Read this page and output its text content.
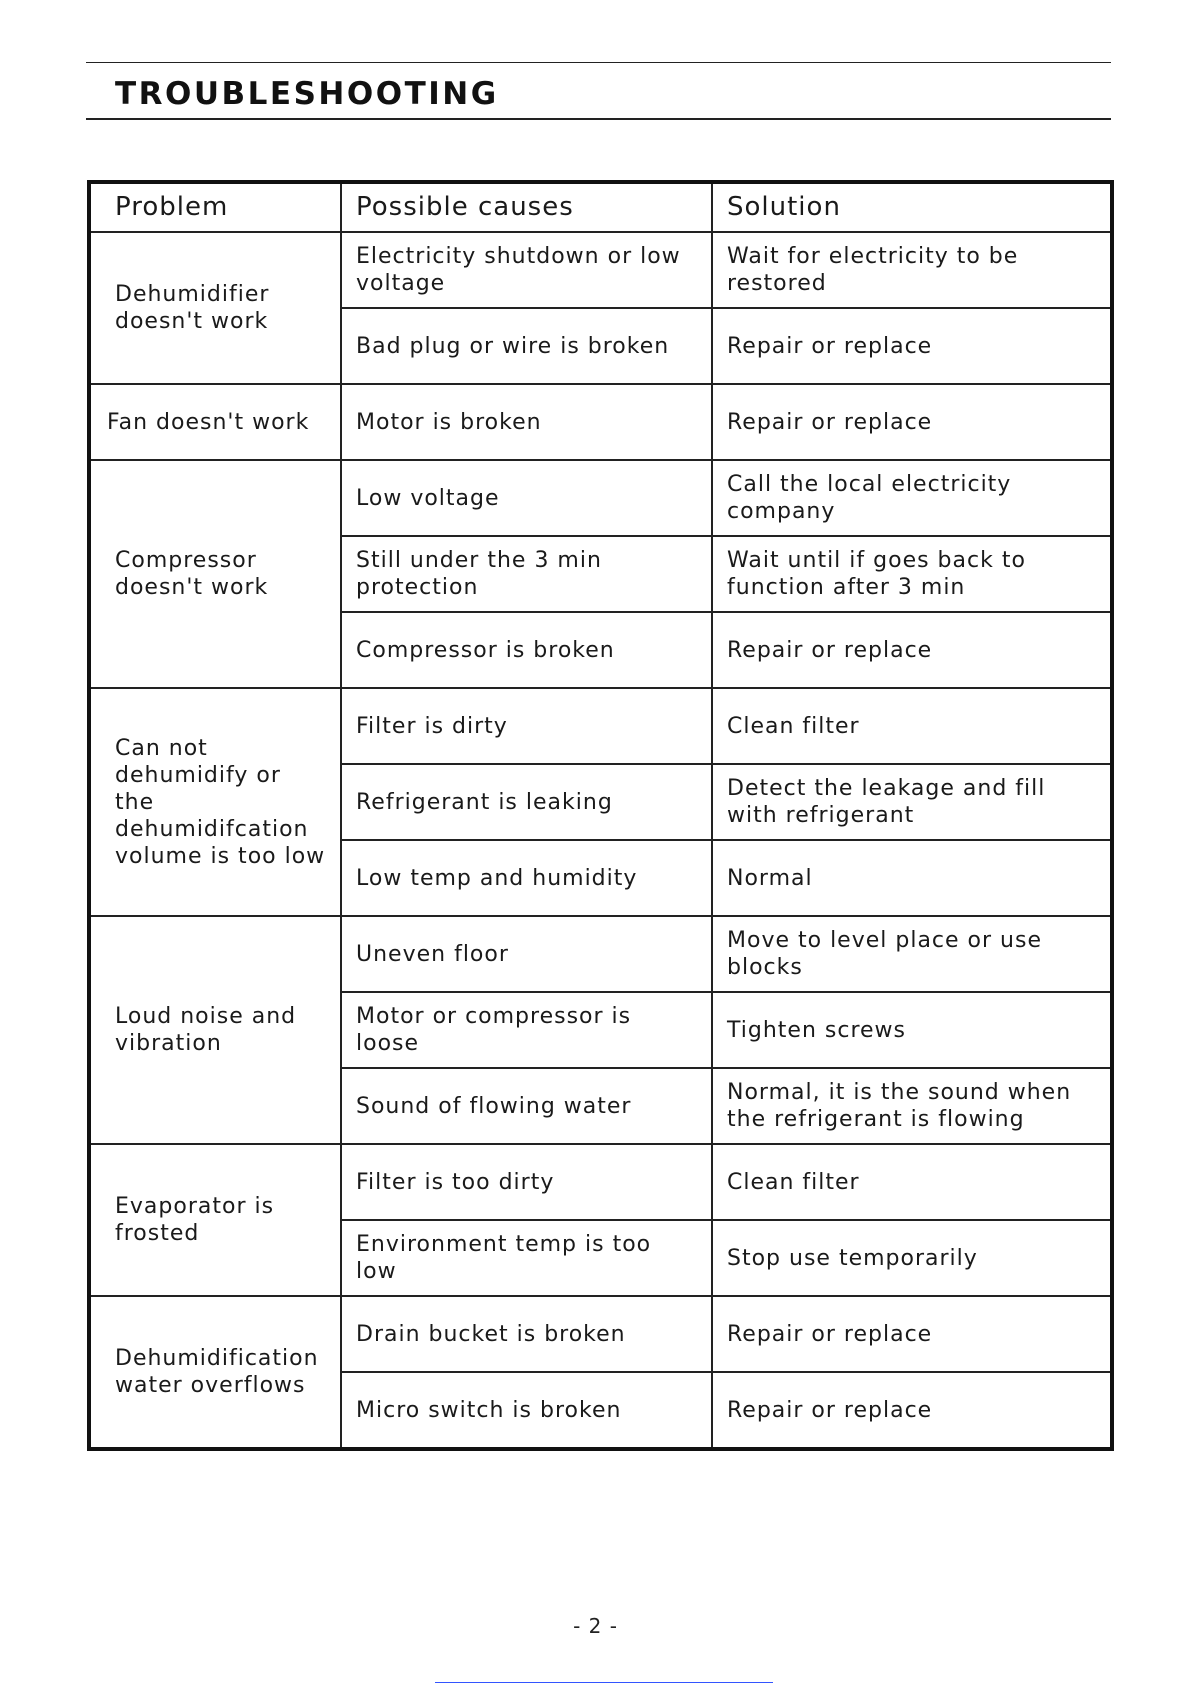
TROUBLESHOOTING
Problem	Possible causes	Solution
Dehumidifier doesn't work	Electricity shutdown or low voltage	Wait for electricity to be restored
	Bad plug or wire is broken	Repair or replace
Fan doesn't work	Motor is broken	Repair or replace
Compressor doesn't work	Low voltage	Call the local electricity company
	Still under the 3 min protection	Wait until if goes back to function after 3 min
	Compressor is broken	Repair or replace
Can not dehumidify or the dehumidifcation volume is too low	Filter is dirty	Clean filter
	Refrigerant is leaking	Detect the leakage and fill with refrigerant
	Low temp and humidity	Normal
Loud noise and vibration	Uneven floor	Move to level place or use blocks
	Motor or compressor is loose	Tighten screws
	Sound of flowing water	Normal, it is the sound when the refrigerant is flowing
Evaporator is frosted	Filter is too dirty	Clean filter
	Environment temp is too low	Stop use temporarily
Dehumidification water overflows	Drain bucket is broken	Repair or replace
	Micro switch is broken	Repair or replace
- 2 -
